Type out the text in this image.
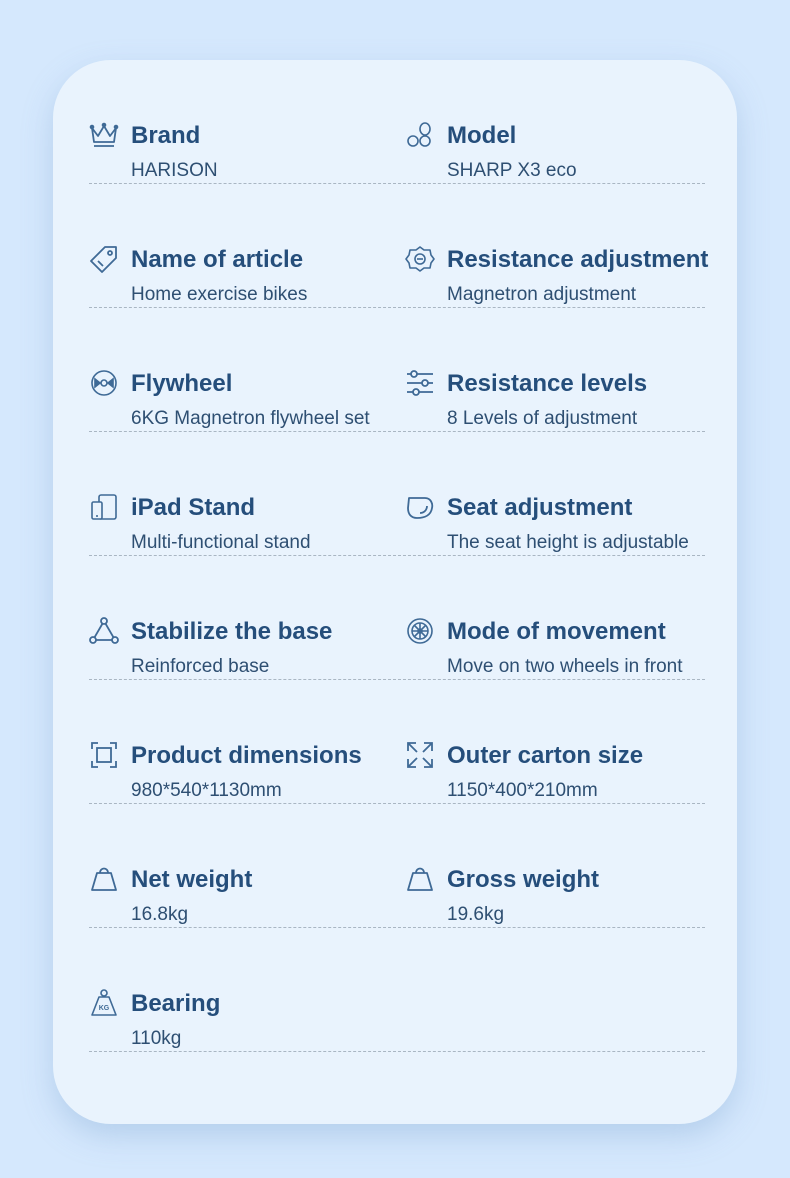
Brand
HARISON
Model
SHARP X3 eco
Name of article
Home exercise bikes
Resistance adjustment
Magnetron adjustment
Flywheel
6KG Magnetron flywheel set
Resistance levels
8 Levels of adjustment
iPad Stand
Multi-functional stand
Seat adjustment
The seat height is adjustable
Stabilize the base
Reinforced base
Mode of movement
Move on two wheels in front
Product dimensions
980*540*1130mm
Outer carton size
1150*400*210mm
Net weight
16.8kg
Gross weight
19.6kg
KG Bearing
110kg
